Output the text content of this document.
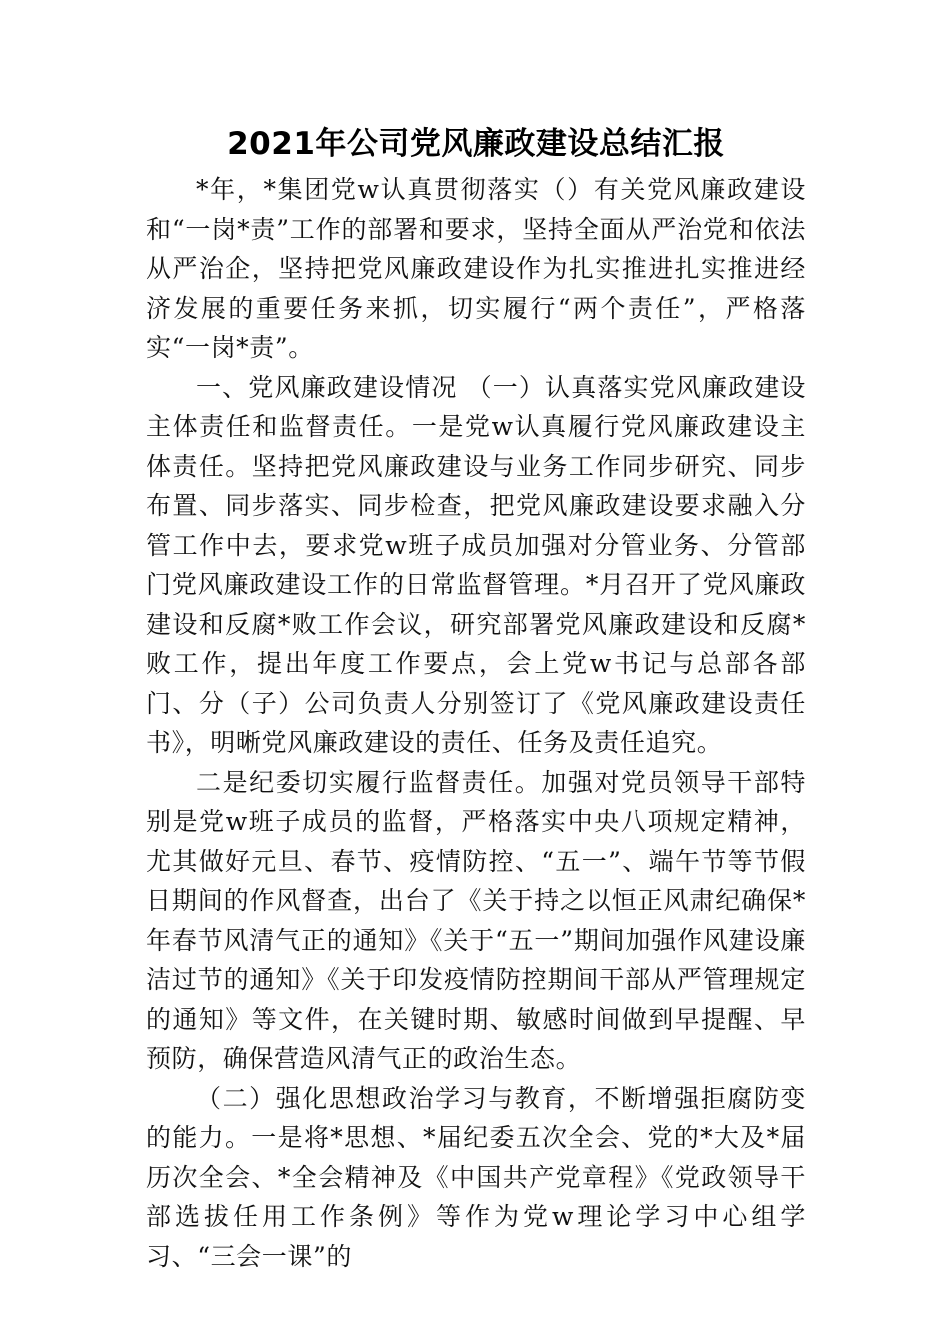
2021年公司党风廉政建设总结汇报

*年，*集团党w认真贯彻落实（）有关党风廉政建设和“一岗*责”工作的部署和要求，坚持全面从严治党和依法从严治企，坚持把党风廉政建设作为扎实推进扎实推进经济发展的重要任务来抓，切实履行“两个责任”，严格落实“一岗*责”。

一、党风廉政建设情况 （一）认真落实党风廉政建设主体责任和监督责任。一是党w认真履行党风廉政建设主体责任。坚持把党风廉政建设与业务工作同步研究、同步布置、同步落实、同步检查，把党风廉政建设要求融入分管工作中去，要求党w班子成员加强对分管业务、分管部门党风廉政建设工作的日常监督管理。*月召开了党风廉政建设和反腐*败工作会议，研究部署党风廉政建设和反腐*败工作，提出年度工作要点，会上党w书记与总部各部门、分（子）公司负责人分别签订了《党风廉政建设责任书》，明晰党风廉政建设的责任、任务及责任追究。

二是纪委切实履行监督责任。加强对党员领导干部特别是党w班子成员的监督，严格落实中央八项规定精神，尤其做好元旦、春节、疫情防控、“五一”、端午节等节假日期间的作风督查，出台了《关于持之以恒正风肃纪确保*年春节风清气正的通知》《关于“五一”期间加强作风建设廉洁过节的通知》《关于印发疫情防控期间干部从严管理规定的通知》等文件，在关键时期、敏感时间做到早提醒、早预防，确保营造风清气正的政治生态。

（二）强化思想政治学习与教育，不断增强拒腐防变的能力。一是将*思想、*届纪委五次全会、党的*大及*届历次全会、*全会精神及《中国共产党章程》《党政领导干部选拔任用工作条例》等作为党w理论学习中心组学习、“三会一课”的
